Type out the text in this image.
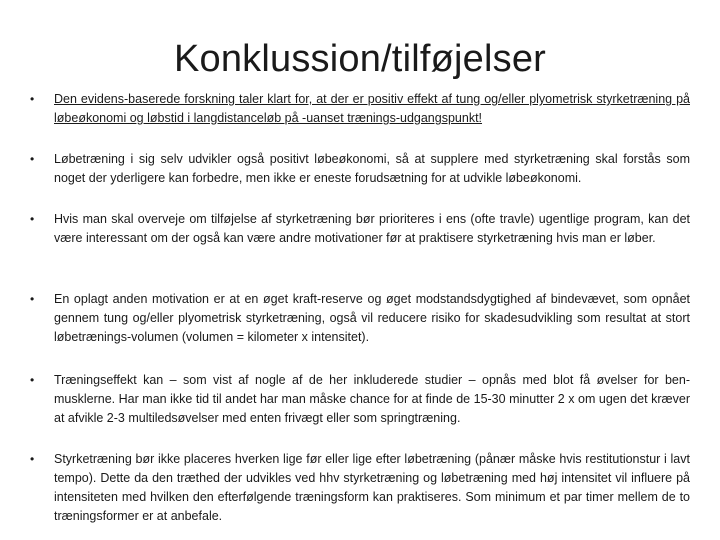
Konklussion/tilføjelser
• Den evidens-baserede forskning taler klart for, at der er positiv effekt af tung og/eller plyometrisk styrketræning på løbeøkonomi og løbstid i langdistanceløb på -uanset trænings-udgangspunkt!
• Løbetræning i sig selv udvikler også positivt løbeøkonomi, så at supplere med styrketræning skal forstås som noget der yderligere kan forbedre, men ikke er eneste forudsætning for at udvikle løbeøkonomi.
• Hvis man skal overveje om tilføjelse af styrketræning bør prioriteres i ens (ofte travle) ugentlige program, kan det være interessant om der også kan være andre motivationer før at praktisere styrketræning hvis man er løber.
• En oplagt anden motivation er at en øget kraft-reserve og øget modstandsdygtighed af bindevævet, som opnået gennem tung og/eller plyometrisk styrketræning, også vil reducere risiko for skadesudvikling som resultat at stort løbetrænings-volumen (volumen = kilometer x intensitet).
• Træningseffekt kan – som vist af nogle af de her inkluderede studier – opnås med blot få øvelser for ben-musklerne. Har man ikke tid til andet har man måske chance for at finde de 15-30 minutter 2 x om ugen det kræver at afvikle 2-3 multiledsøvelser med enten frivægt eller som springtræning.
• Styrketræning bør ikke placeres hverken lige før eller lige efter løbetræning (pånær måske hvis restitutionstur i lavt tempo). Dette da den træthed der udvikles ved hhv styrketræning og løbetræning med høj intensitet vil influere på intensiteten med hvilken den efterfølgende træningsform kan praktiseres. Som minimum et par timer mellem de to træningsformer er at anbefale.
